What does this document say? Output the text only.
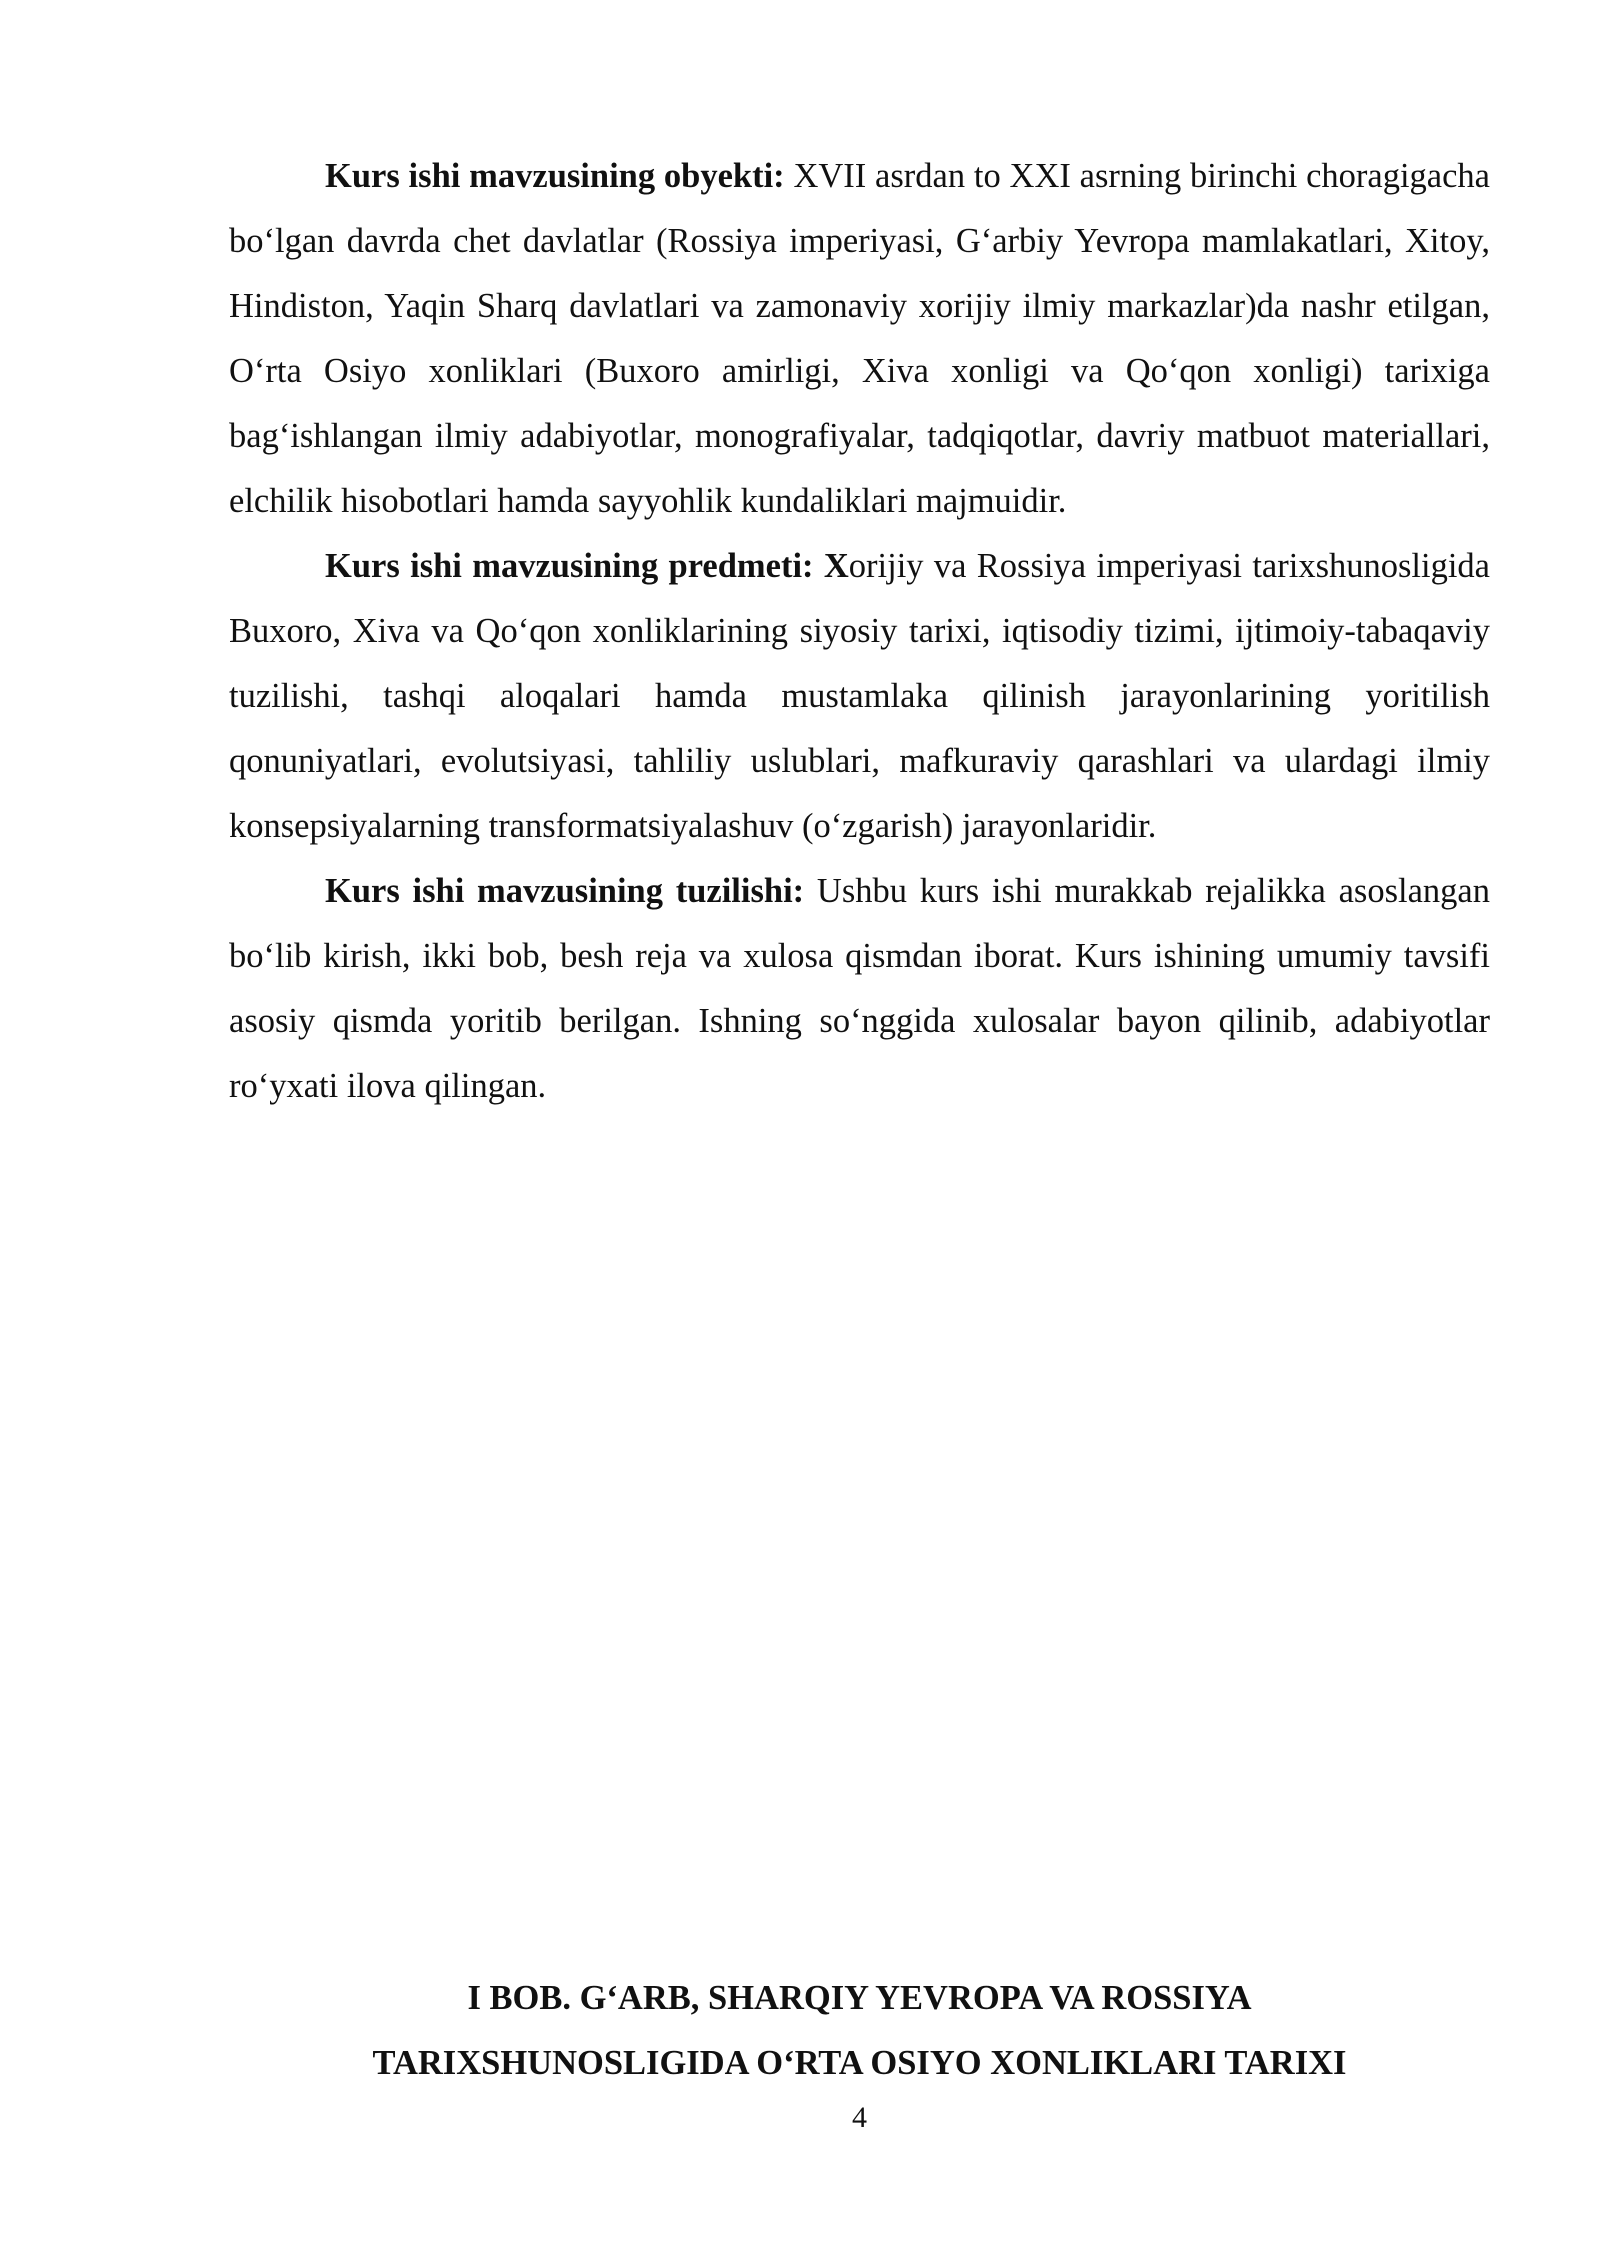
Kurs ishi mavzusining obyekti: XVII asrdan to XXI asrning birinchi choragigacha bo‘lgan davrda chet davlatlar (Rossiya imperiyasi, G‘arbiy Yevropa mamlakatlari, Xitoy, Hindiston, Yaqin Sharq davlatlari va zamonaviy xorijiy ilmiy markazlar)da nashr etilgan, O‘rta Osiyo xonliklari (Buxoro amirligi, Xiva xonligi va Qo‘qon xonligi) tarixiga bag‘ishlangan ilmiy adabiyotlar, monografiyalar, tadqiqotlar, davriy matbuot materiallari, elchilik hisobotlari hamda sayyohlik kundaliklari majmuidir.

Kurs ishi mavzusining predmeti: Xorijiy va Rossiya imperiyasi tarixshunosligida Buxoro, Xiva va Qo‘qon xonliklarining siyosiy tarixi, iqtisodiy tizimi, ijtimoiy-tabaqaviy tuzilishi, tashqi aloqalari hamda mustamlaka qilinish jarayonlarining yoritilish qonuniyatlari, evolutsiyasi, tahliliy uslublari, mafkuraviy qarashlari va ulardagi ilmiy konsepsiyalarning transformatsiyalashuv (o‘zgarish) jarayonlaridir.

Kurs ishi mavzusining tuzilishi: Ushbu kurs ishi murakkab rejalikka asoslangan bo‘lib kirish, ikki bob, besh reja va xulosa qismdan iborat. Kurs ishining umumiy tavsifi asosiy qismda yoritib berilgan. Ishning so‘nggida xulosalar bayon qilinib, adabiyotlar ro‘yxati ilova qilingan.

I BOB. G‘ARB, SHARQIY YEVROPA VA ROSSIYA
TARIXSHUNOSLIGIDA O‘RTA OSIYO XONLIKLARI TARIXI
4
